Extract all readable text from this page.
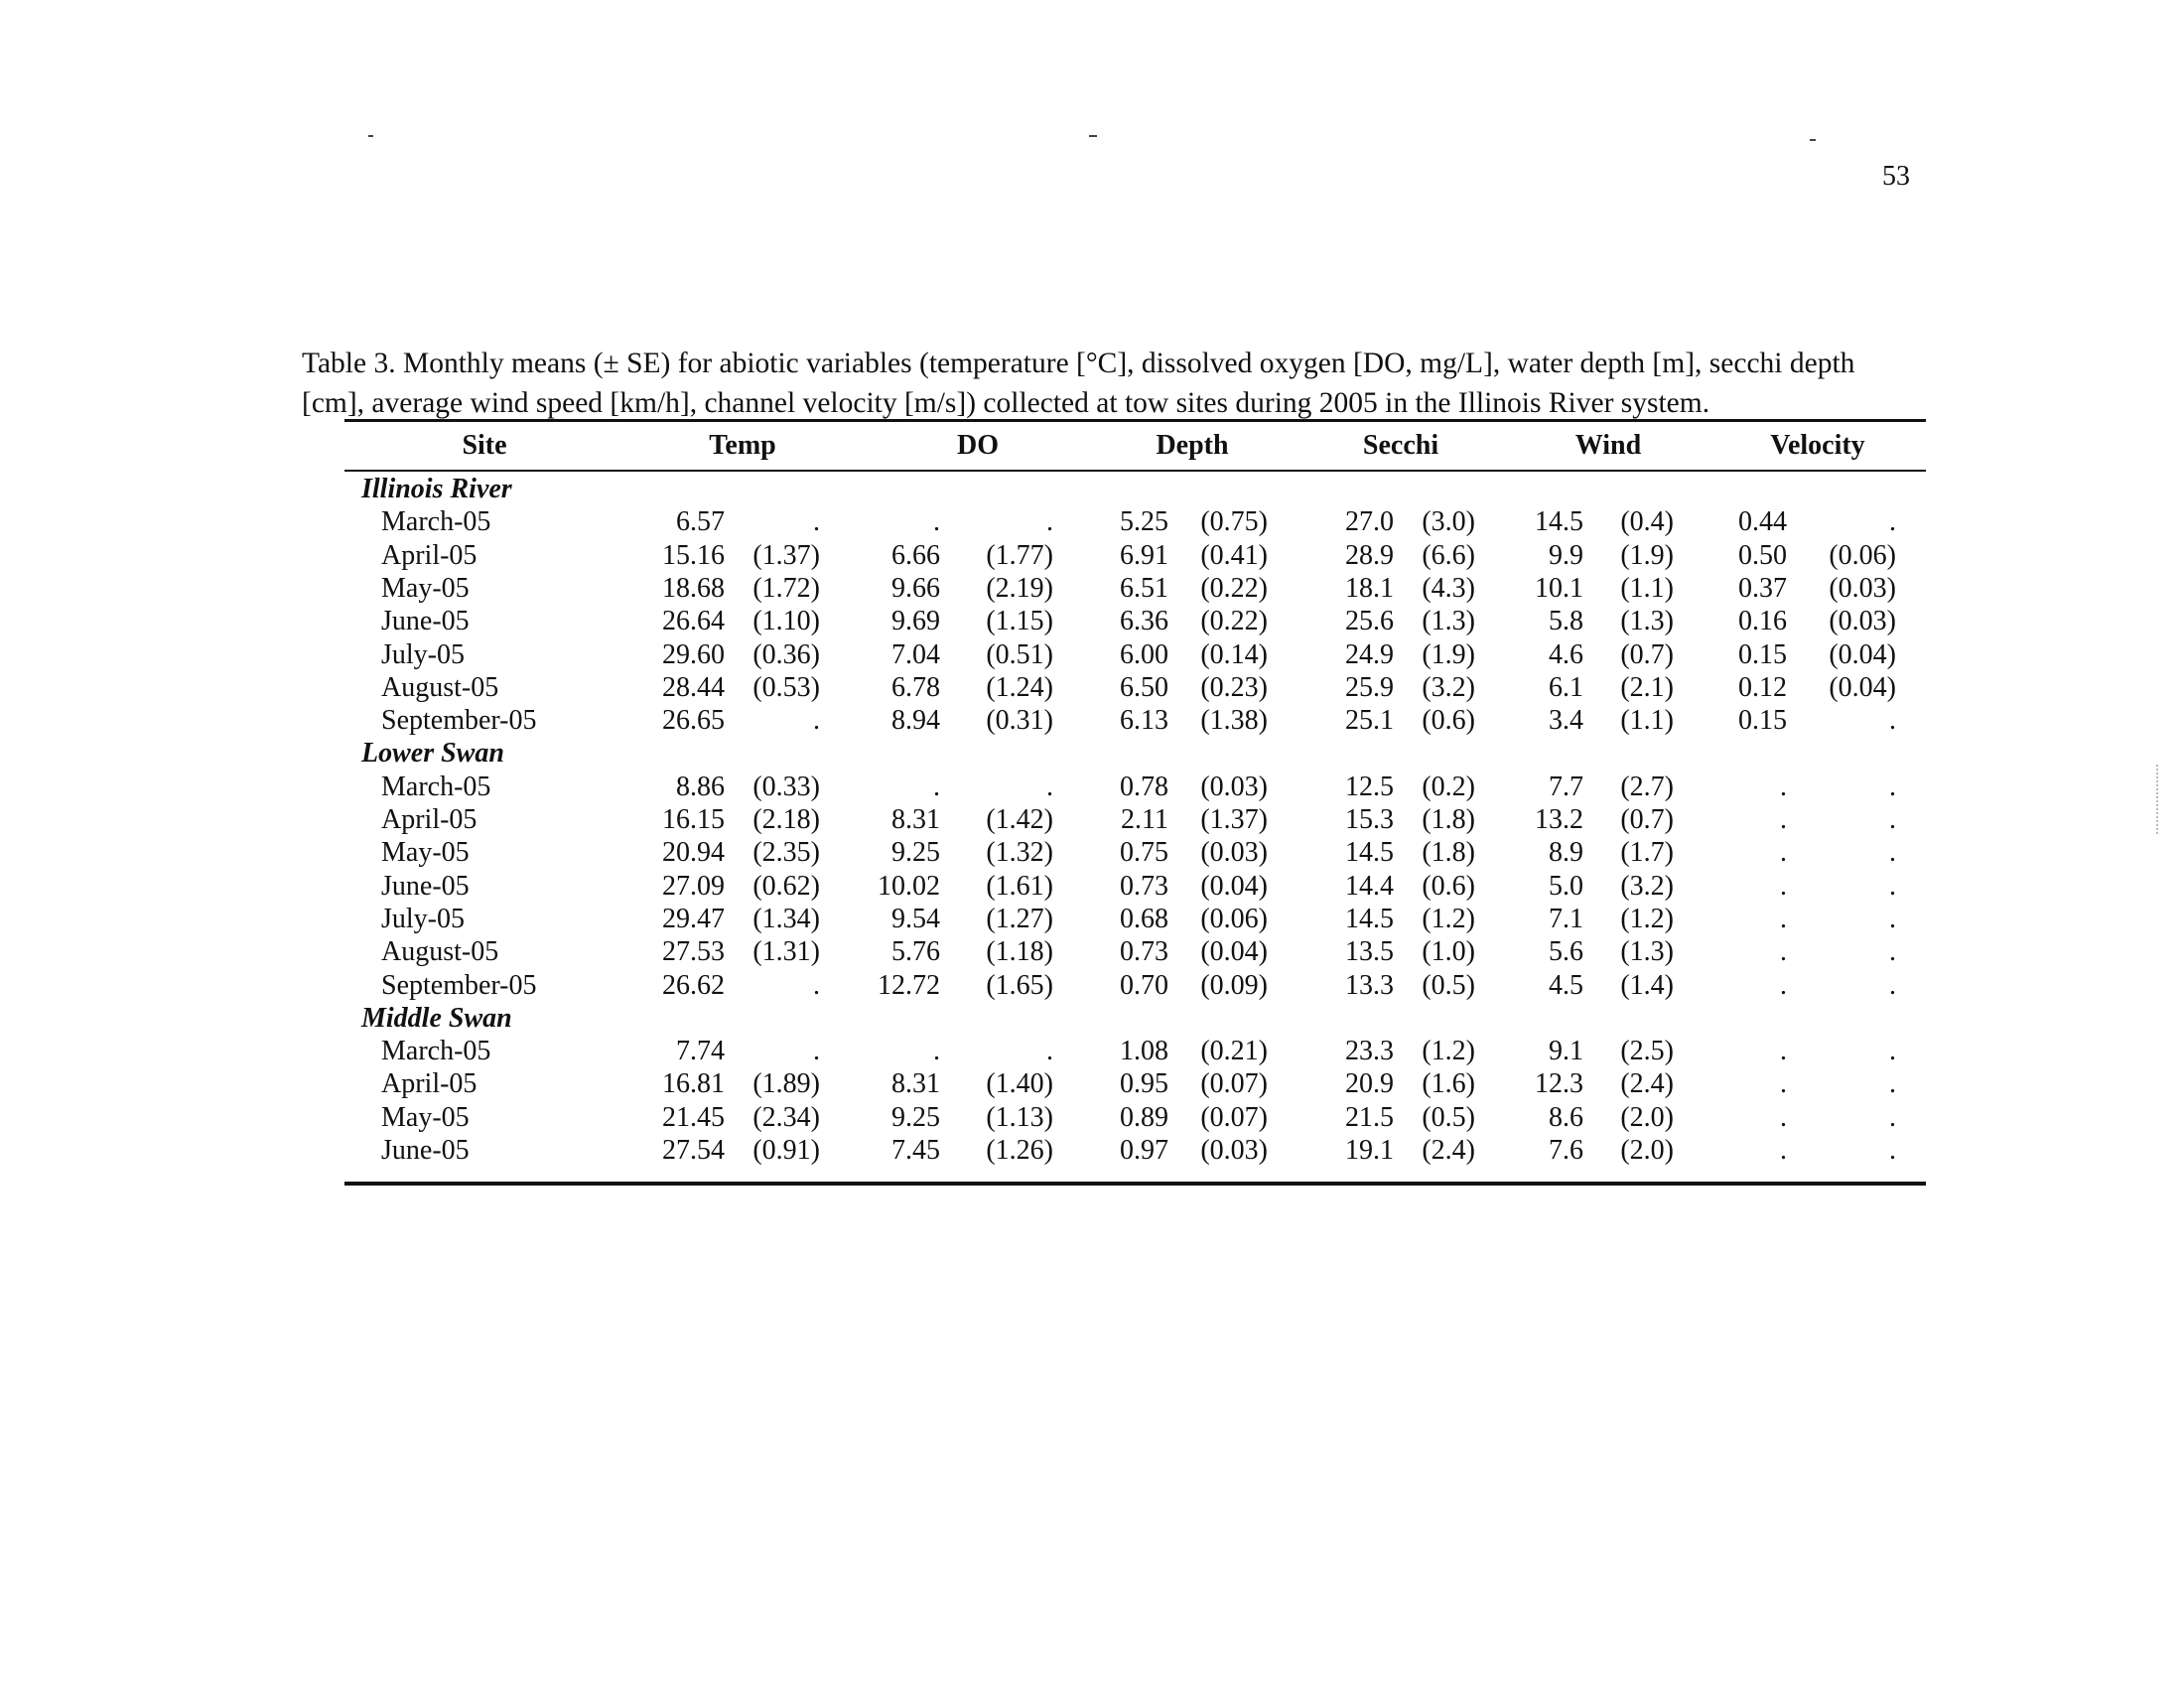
53
Table 3. Monthly means (± SE) for abiotic variables (temperature [°C], dissolved oxygen [DO, mg/L], water depth [m], secchi depth
[cm], average wind speed [km/h], channel velocity [m/s]) collected at tow sites during 2005 in the Illinois River system.
Site	Temp	DO	Depth	Secchi	Wind	Velocity
Illinois River
March-05	6.57	.	.	.	5.25	(0.75)	27.0	(3.0)	14.5	(0.4)	0.44	.
April-05	15.16	(1.37)	6.66	(1.77)	6.91	(0.41)	28.9	(6.6)	9.9	(1.9)	0.50	(0.06)
May-05	18.68	(1.72)	9.66	(2.19)	6.51	(0.22)	18.1	(4.3)	10.1	(1.1)	0.37	(0.03)
June-05	26.64	(1.10)	9.69	(1.15)	6.36	(0.22)	25.6	(1.3)	5.8	(1.3)	0.16	(0.03)
July-05	29.60	(0.36)	7.04	(0.51)	6.00	(0.14)	24.9	(1.9)	4.6	(0.7)	0.15	(0.04)
August-05	28.44	(0.53)	6.78	(1.24)	6.50	(0.23)	25.9	(3.2)	6.1	(2.1)	0.12	(0.04)
September-05	26.65	.	8.94	(0.31)	6.13	(1.38)	25.1	(0.6)	3.4	(1.1)	0.15	.
Lower Swan
March-05	8.86	(0.33)	.	.	0.78	(0.03)	12.5	(0.2)	7.7	(2.7)	.	.
April-05	16.15	(2.18)	8.31	(1.42)	2.11	(1.37)	15.3	(1.8)	13.2	(0.7)	.	.
May-05	20.94	(2.35)	9.25	(1.32)	0.75	(0.03)	14.5	(1.8)	8.9	(1.7)	.	.
June-05	27.09	(0.62)	10.02	(1.61)	0.73	(0.04)	14.4	(0.6)	5.0	(3.2)	.	.
July-05	29.47	(1.34)	9.54	(1.27)	0.68	(0.06)	14.5	(1.2)	7.1	(1.2)	.	.
August-05	27.53	(1.31)	5.76	(1.18)	0.73	(0.04)	13.5	(1.0)	5.6	(1.3)	.	.
September-05	26.62	.	12.72	(1.65)	0.70	(0.09)	13.3	(0.5)	4.5	(1.4)	.	.
Middle Swan
March-05	7.74	.	.	.	1.08	(0.21)	23.3	(1.2)	9.1	(2.5)	.	.
April-05	16.81	(1.89)	8.31	(1.40)	0.95	(0.07)	20.9	(1.6)	12.3	(2.4)	.	.
May-05	21.45	(2.34)	9.25	(1.13)	0.89	(0.07)	21.5	(0.5)	8.6	(2.0)	.	.
June-05	27.54	(0.91)	7.45	(1.26)	0.97	(0.03)	19.1	(2.4)	7.6	(2.0)	.	.
